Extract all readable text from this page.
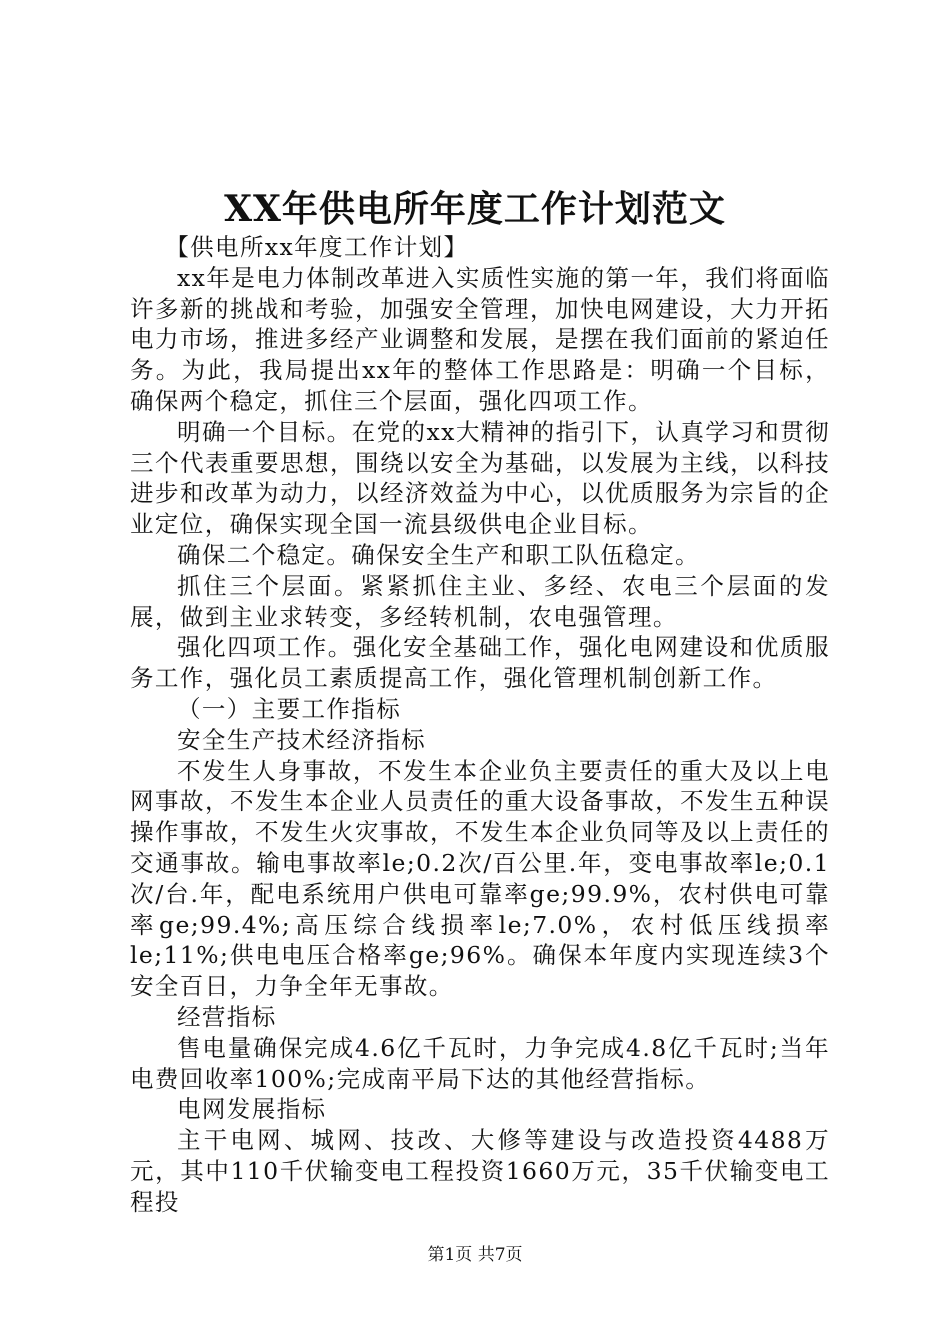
XX年供电所年度工作计划范文

【供电所xx年度工作计划】

xx年是电力体制改革进入实质性实施的第一年，我们将面临许多新的挑战和考验，加强安全管理，加快电网建设，大力开拓电力市场，推进多经产业调整和发展，是摆在我们面前的紧迫任务。为此，我局提出xx年的整体工作思路是：明确一个目标，确保两个稳定，抓住三个层面，强化四项工作。

明确一个目标。在党的xx大精神的指引下，认真学习和贯彻三个代表重要思想，围绕以安全为基础，以发展为主线，以科技进步和改革为动力，以经济效益为中心，以优质服务为宗旨的企业定位，确保实现全国一流县级供电企业目标。

确保二个稳定。确保安全生产和职工队伍稳定。

抓住三个层面。紧紧抓住主业、多经、农电三个层面的发展，做到主业求转变，多经转机制，农电强管理。

强化四项工作。强化安全基础工作，强化电网建设和优质服务工作，强化员工素质提高工作，强化管理机制创新工作。

（一）主要工作指标

安全生产技术经济指标

不发生人身事故，不发生本企业负主要责任的重大及以上电网事故，不发生本企业人员责任的重大设备事故，不发生五种误操作事故，不发生火灾事故，不发生本企业负同等及以上责任的交通事故。输电事故率le;0.2次/百公里.年，变电事故率le;0.1次/台.年，配电系统用户供电可靠率ge;99.9%，农村供电可靠率ge;99.4%;高压综合线损率le;7.0%，农村低压线损率le;11%;供电电压合格率ge;96%。确保本年度内实现连续3个安全百日，力争全年无事故。

经营指标

售电量确保完成4.6亿千瓦时，力争完成4.8亿千瓦时;当年电费回收率100%;完成南平局下达的其他经营指标。

电网发展指标

主干电网、城网、技改、大修等建设与改造投资4488万元，其中110千伏输变电工程投资1660万元，35千伏输变电工程投

第1页 共7页
